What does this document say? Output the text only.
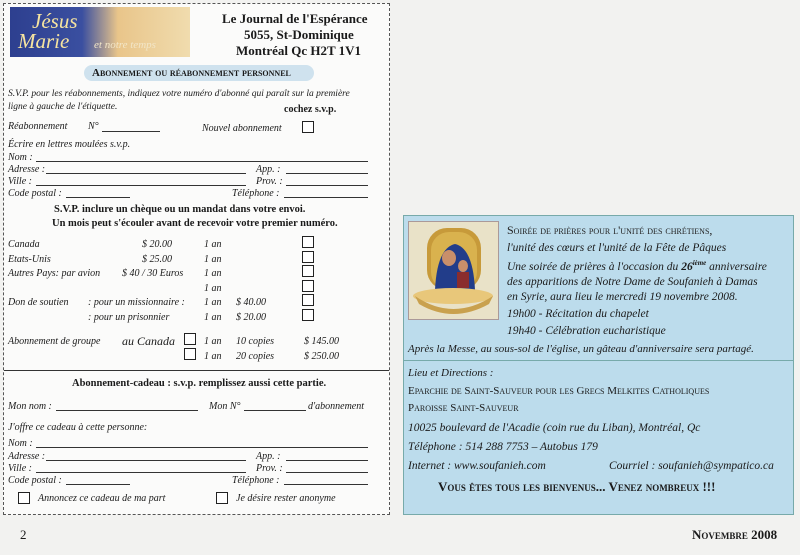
Jésus
Marie et notre temps
Le Journal de l'Espérance
5055, St-Dominique
Montréal Qc H2T 1V1
Abonnement ou réabonnement personnel
S.V.P. pour les réabonnements, indiquez votre numéro d'abonné qui paraît sur la première
ligne à gauche de l'étiquette.	cochez s.v.p.
Réabonnement N°	Nouvel abonnement
Écrire en lettres moulées s.v.p.
Nom :
Adresse :	App. :
Ville :	Prov. :
Code postal :	Téléphone :
S.V.P. inclure un chèque ou un mandat dans votre envoi.
Un mois peut s'écouler avant de recevoir votre premier numéro.
Canada	$ 20.00	1 an
Etats-Unis	$ 25.00	1 an
Autres Pays: par avion $ 40 / 30 Euros 1 an
1 an
Don de soutien : pour un missionnaire : 1 an $ 40.00
: pour un prisonnier	1 an $ 20.00
Abonnement de groupe au Canada	1 an 10 copies	$ 145.00
1 an 20 copies	$ 250.00
Abonnement-cadeau : s.v.p. remplissez aussi cette partie.
Mon nom :	Mon N°	d'abonnement
J'offre ce cadeau à cette personne:
Nom :
Adresse :	App. :
Ville :	Prov. :
Code postal :	Téléphone :
Annoncez ce cadeau de ma part	Je désire rester anonyme
Soirée de prières pour l'unité des chrétiens,
l'unité des cœurs et l'unité de la Fête de Pâques
Une soirée de prières à l'occasion du 26ième anniversaire
des apparitions de Notre Dame de Soufanieh à Damas
en Syrie, aura lieu le mercredi 19 novembre 2008.
19h00 - Récitation du chapelet
19h40 - Célébration eucharistique
Après la Messe, au sous-sol de l'église, un gâteau d'anniversaire sera partagé.
Lieu et Directions :
Eparchie de Saint-Sauveur pour les Grecs Melkites Catholiques
Paroisse Saint-Sauveur
10025 boulevard de l'Acadie (coin rue du Liban), Montréal, Qc
Téléphone : 514 288 7753 – Autobus 179
Internet : www.soufanieh.com	Courriel : soufanieh@sympatico.ca
Vous êtes tous les bienvenus... Venez nombreux !!!
2	Novembre 2008
